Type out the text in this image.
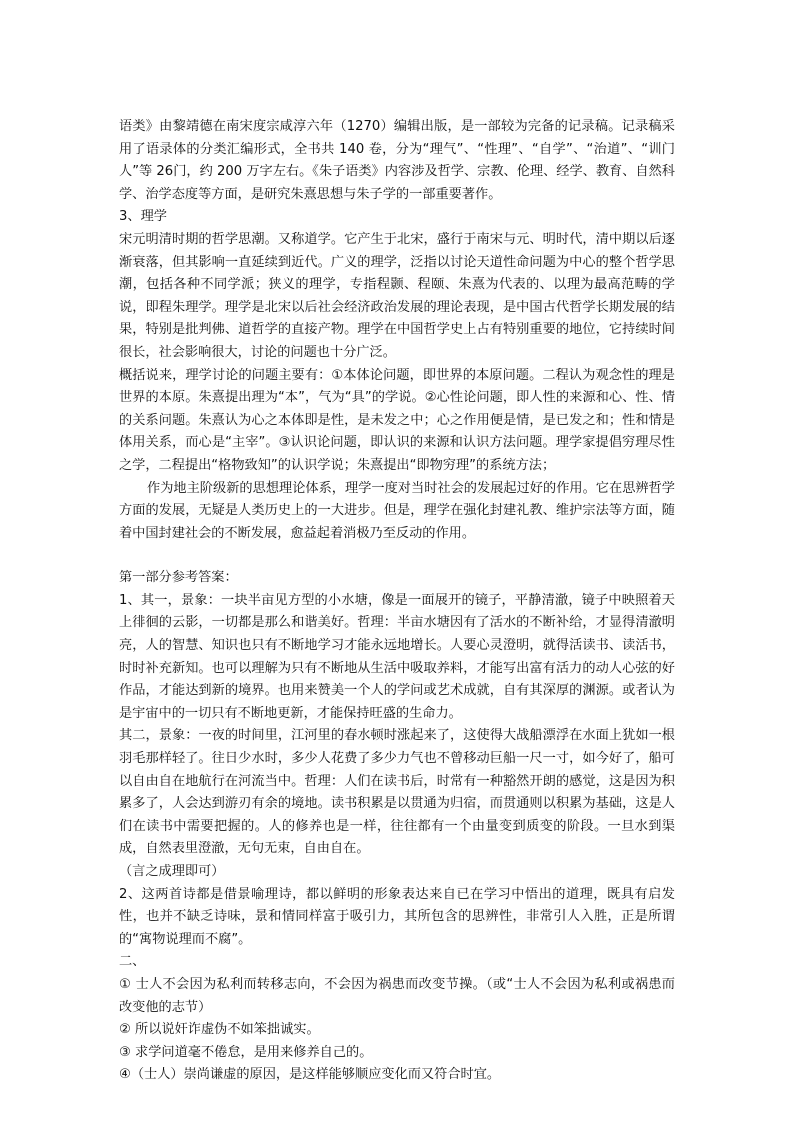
语类》由黎靖德在南宋度宗咸淳六年（1270）编辑出版，是一部较为完备的记录稿。记录稿采用了语录体的分类汇编形式，全书共 140 卷，分为“理气”、“性理”、“自学”、“治道”、“训门人”等 26门，约 200 万字左右。《朱子语类》内容涉及哲学、宗教、伦理、经学、教育、自然科学、治学态度等方面，是研究朱熹思想与朱子学的一部重要著作。

3、理学

宋元明清时期的哲学思潮。又称道学。它产生于北宋，盛行于南宋与元、明时代，清中期以后逐渐衰落，但其影响一直延续到近代。广义的理学，泛指以讨论天道性命问题为中心的整个哲学思潮，包括各种不同学派；狭义的理学，专指程颢、程颐、朱熹为代表的、以理为最高范畴的学说，即程朱理学。理学是北宋以后社会经济政治发展的理论表现，是中国古代哲学长期发展的结果，特别是批判佛、道哲学的直接产物。理学在中国哲学史上占有特别重要的地位，它持续时间很长，社会影响很大，讨论的问题也十分广泛。

概括说来，理学讨论的问题主要有：①本体论问题，即世界的本原问题。二程认为观念性的理是世界的本原。朱熹提出理为“本”，气为“具”的学说。②心性论问题，即人性的来源和心、性、情的关系问题。朱熹认为心之本体即是性，是未发之中；心之作用便是情，是已发之和；性和情是体用关系，而心是“主宰”。③认识论问题，即认识的来源和认识方法问题。理学家提倡穷理尽性之学，二程提出“格物致知”的认识学说；朱熹提出“即物穷理”的系统方法；

作为地主阶级新的思想理论体系，理学一度对当时社会的发展起过好的作用。它在思辨哲学方面的发展，无疑是人类历史上的一大进步。但是，理学在强化封建礼教、维护宗法等方面，随着中国封建社会的不断发展，愈益起着消极乃至反动的作用。

第一部分参考答案：

1、其一，景象：一块半亩见方型的小水塘，像是一面展开的镜子，平静清澈，镜子中映照着天上徘徊的云影，一切都是那么和谐美好。哲理：半亩水塘因有了活水的不断补给，才显得清澈明亮，人的智慧、知识也只有不断地学习才能永远地增长。人要心灵澄明，就得活读书、读活书，时时补充新知。也可以理解为只有不断地从生活中吸取养料，才能写出富有活力的动人心弦的好作品，才能达到新的境界。也用来赞美一个人的学问或艺术成就，自有其深厚的渊源。或者认为是宇宙中的一切只有不断地更新，才能保持旺盛的生命力。

其二，景象：一夜的时间里，江河里的春水顿时涨起来了，这使得大战船漂浮在水面上犹如一根羽毛那样轻了。往日少水时，多少人花费了多少力气也不曾移动巨船一尺一寸，如今好了，船可以自由自在地航行在河流当中。哲理：人们在读书后，时常有一种豁然开朗的感觉，这是因为积累多了，人会达到游刃有余的境地。读书积累是以贯通为归宿，而贯通则以积累为基础，这是人们在读书中需要把握的。人的修养也是一样，往往都有一个由量变到质变的阶段。一旦水到渠成，自然表里澄澈，无句无束，自由自在。

（言之成理即可）

2、这两首诗都是借景喻理诗，都以鲜明的形象表达来自已在学习中悟出的道理，既具有启发性，也并不缺乏诗味，景和情同样富于吸引力，其所包含的思辨性，非常引人入胜，正是所谓的“寓物说理而不腐”。

二、

① 士人不会因为私利而转移志向，不会因为祸患而改变节操。（或“士人不会因为私利或祸患而改变他的志节）

② 所以说奸诈虚伪不如笨拙诚实。

③ 求学问道毫不倦怠，是用来修养自己的。

④（士人）崇尚谦虚的原因，是这样能够顺应变化而又符合时宜。
